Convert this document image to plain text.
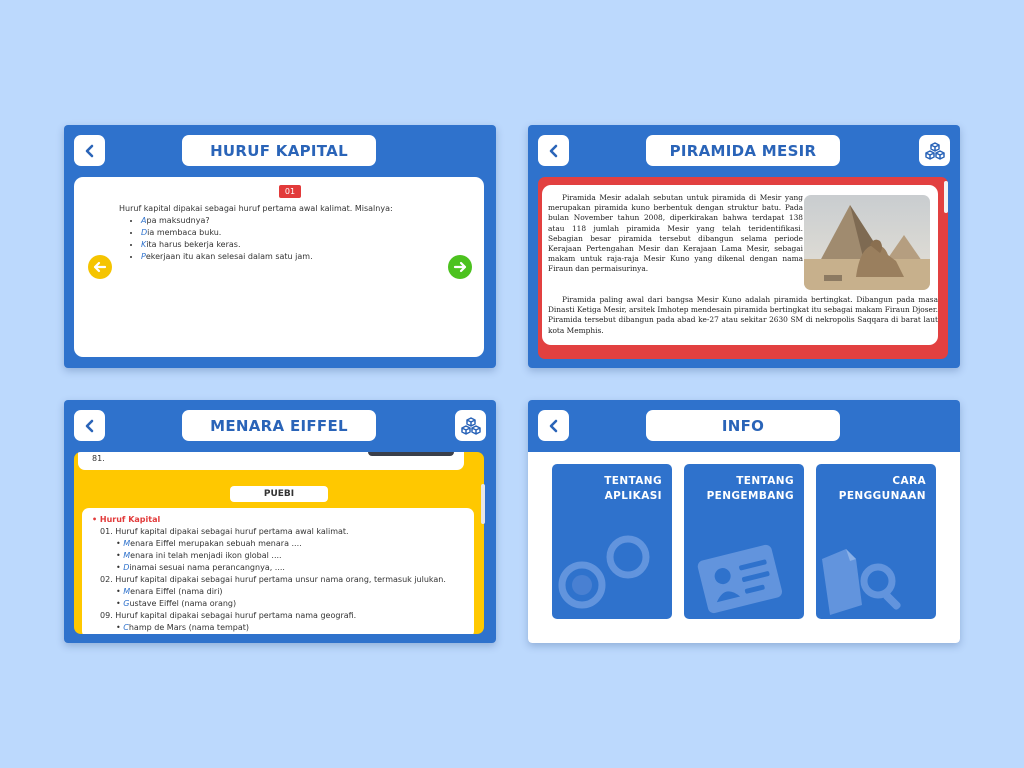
HURUF KAPITAL
01
Huruf kapital dipakai sebagai huruf pertama awal kalimat. Misalnya:
• Apa maksudnya?
• Dia membaca buku.
• Kita harus bekerja keras.
• Pekerjaan itu akan selesai dalam satu jam.
PIRAMIDA MESIR

Piramida Mesir adalah sebutan untuk piramida di Mesir yang merupakan piramida kuno berbentuk dengan struktur batu. Pada bulan November tahun 2008, diperkirakan bahwa terdapat 138 atau 118 jumlah piramida Mesir yang telah teridentifikasi. Sebagian besar piramida tersebut dibangun selama periode Kerajaan Pertengahan Mesir dan Kerajaan Lama Mesir, sebagai makam untuk raja-raja Mesir Kuno yang dikenal dengan nama Firaun dan permaisurinya.

Piramida paling awal dari bangsa Mesir Kuno adalah piramida bertingkat. Dibangun pada masa Dinasti Ketiga Mesir, arsitek Imhotep mendesain piramida bertingkat itu sebagai makam Firaun Djoser. Piramida tersebut dibangun pada abad ke-27 atau sekitar 2630 SM di nekropolis Saqqara di barat laut kota Memphis.

MENARA EIFFEL
81.
PUEBI
• Huruf Kapital
01. Huruf kapital dipakai sebagai huruf pertama awal kalimat.
• Menara Eiffel merupakan sebuah menara ....
• Menara ini telah menjadi ikon global ....
• Dinamai sesuai nama perancangnya, ....
02. Huruf kapital dipakai sebagai huruf pertama unsur nama orang, termasuk julukan.
• Menara Eiffel (nama diri)
• Gustave Eiffel (nama orang)
09. Huruf kapital dipakai sebagai huruf pertama nama geografi.
• Champ de Mars (nama tempat)
INFO
TENTANG
APLIKASI
TENTANG
PENGEMBANG
CARA
PENGGUNAAN
